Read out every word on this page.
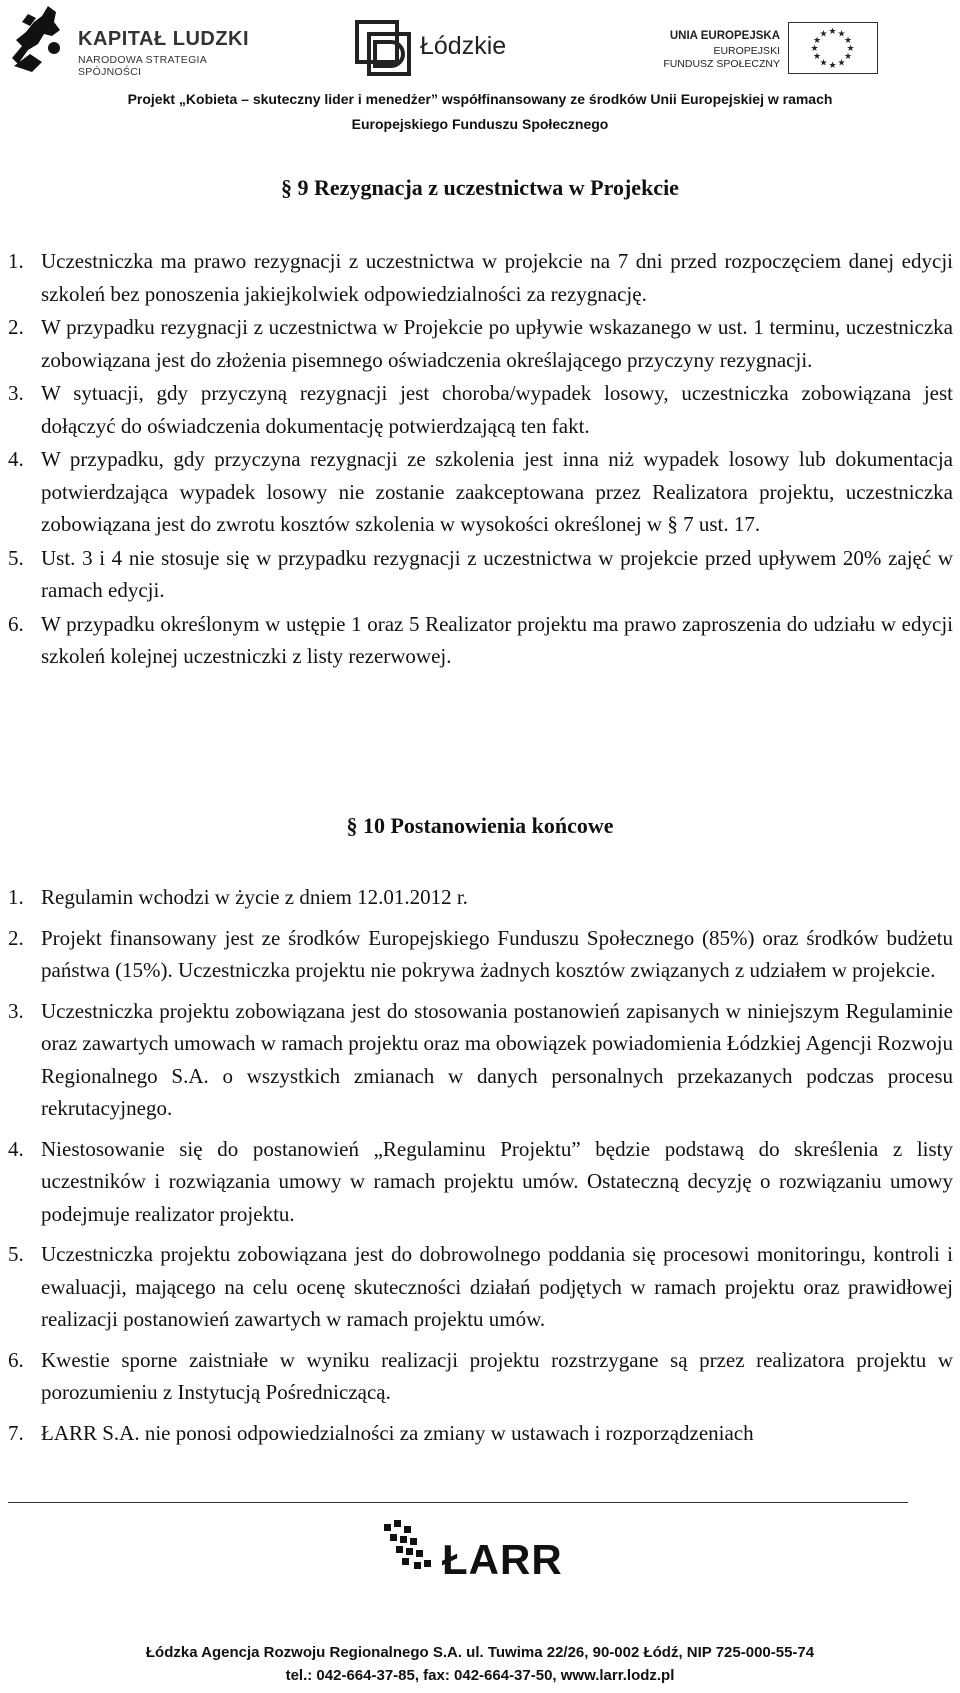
KAPITAŁ LUDZKI
NARODOWA STRATEGIA SPÓJNOŚCI
Łódzkie	UNIA EUROPEJSKA
EUROPEJSKI
FUNDUSZ SPOŁECZNY
★ ★
★
★
★
★
★
★
★
★
★
★
Projekt „Kobieta – skuteczny lider i menedżer” współfinansowany ze środków Unii Europejskiej w ramach
Europejskiego Funduszu Społecznego
§ 9 Rezygnacja z uczestnictwa w Projekcie
1. Uczestniczka ma prawo rezygnacji z uczestnictwa w projekcie na 7 dni przed rozpoczęciem danej edycji szkoleń bez ponoszenia jakiejkolwiek odpowiedzialności za rezygnację.
2. W przypadku rezygnacji z uczestnictwa w Projekcie po upływie wskazanego w ust. 1 terminu, uczestniczka zobowiązana jest do złożenia pisemnego oświadczenia określającego przyczyny rezygnacji.
3. W sytuacji, gdy przyczyną rezygnacji jest choroba/wypadek losowy, uczestniczka zobowiązana jest dołączyć do oświadczenia dokumentację potwierdzającą ten fakt.
4. W przypadku, gdy przyczyna rezygnacji ze szkolenia jest inna niż wypadek losowy lub dokumentacja potwierdzająca wypadek losowy nie zostanie zaakceptowana przez Realizatora projektu, uczestniczka zobowiązana jest do zwrotu kosztów szkolenia w wysokości określonej w § 7 ust. 17.
5. Ust. 3 i 4 nie stosuje się w przypadku rezygnacji z uczestnictwa w projekcie przed upływem 20% zajęć w ramach edycji.
6. W przypadku określonym w ustępie 1 oraz 5 Realizator projektu ma prawo zaproszenia do udziału w edycji szkoleń kolejnej uczestniczki z listy rezerwowej.
§ 10 Postanowienia końcowe
1. Regulamin wchodzi w życie z dniem 12.01.2012 r.
2. Projekt finansowany jest ze środków Europejskiego Funduszu Społecznego (85%) oraz środków budżetu państwa (15%). Uczestniczka projektu nie pokrywa żadnych kosztów związanych z udziałem w projekcie.
3. Uczestniczka projektu zobowiązana jest do stosowania postanowień zapisanych w niniejszym Regulaminie oraz zawartych umowach w ramach projektu oraz ma obowiązek powiadomienia Łódzkiej Agencji Rozwoju Regionalnego S.A. o wszystkich zmianach w danych personalnych przekazanych podczas procesu rekrutacyjnego.
4. Niestosowanie się do postanowień „Regulaminu Projektu” będzie podstawą do skreślenia z listy uczestników i rozwiązania umowy w ramach projektu umów. Ostateczną decyzję o rozwiązaniu umowy podejmuje realizator projektu.
5. Uczestniczka projektu zobowiązana jest do dobrowolnego poddania się procesowi monitoringu, kontroli i ewaluacji, mającego na celu ocenę skuteczności działań podjętych w ramach projektu oraz prawidłowej realizacji postanowień zawartych w ramach projektu umów.
6. Kwestie sporne zaistniałe w wyniku realizacji projektu rozstrzygane są przez realizatora projektu w porozumieniu z Instytucją Pośredniczącą.
7. ŁARR S.A. nie ponosi odpowiedzialności za zmiany w ustawach i rozporządzeniach
ŁARR
Łódzka Agencja Rozwoju Regionalnego S.A. ul. Tuwima 22/26, 90-002 Łódź, NIP 725-000-55-74
tel.: 042-664-37-85, fax: 042-664-37-50, www.larr.lodz.pl
